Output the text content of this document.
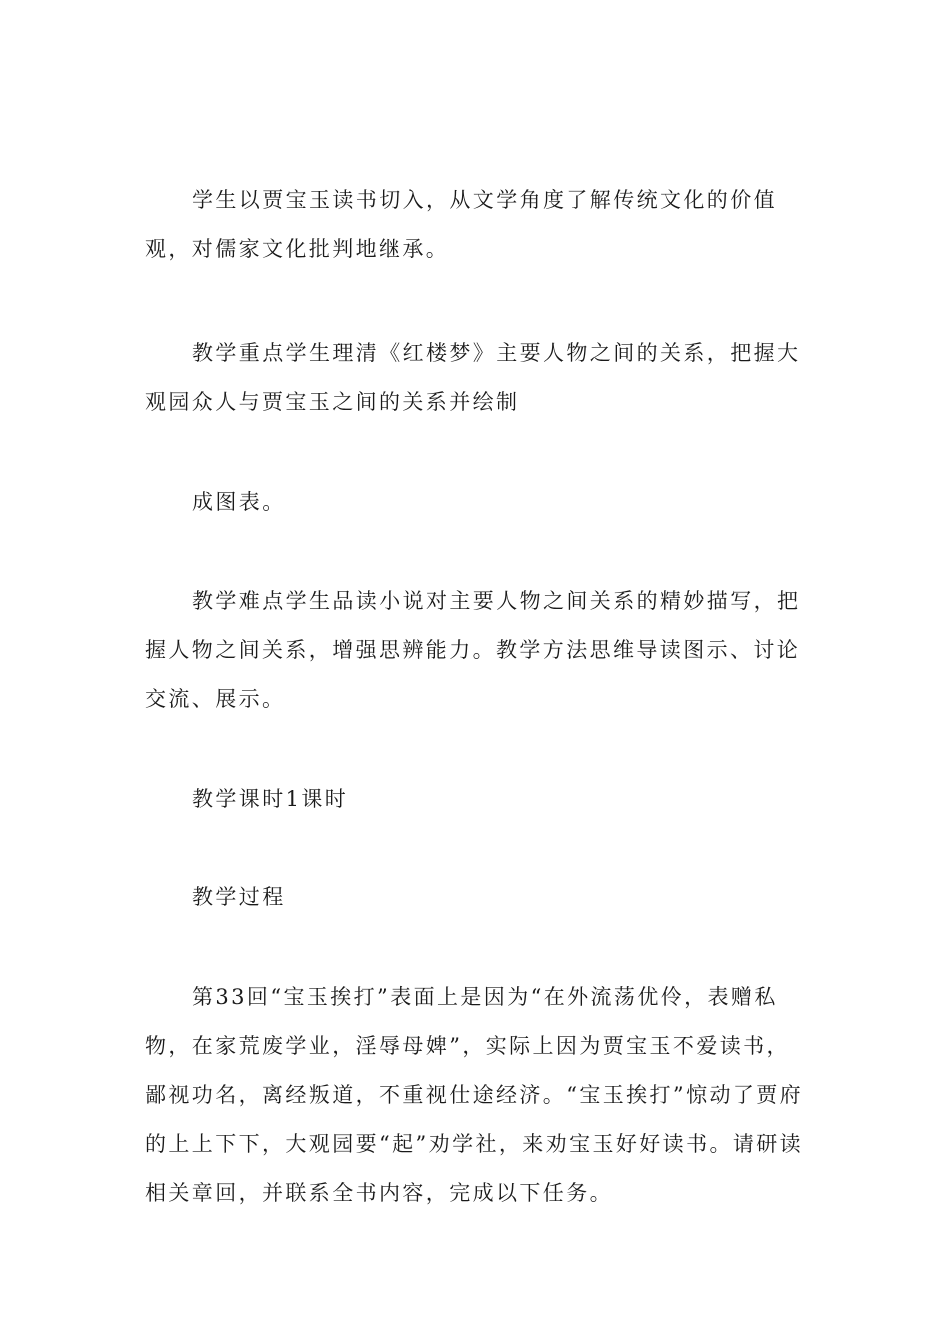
学生以贾宝玉读书切入，从文学角度了解传统文化的价值观，对儒家文化批判地继承。

教学重点学生理清《红楼梦》主要人物之间的关系，把握大观园众人与贾宝玉之间的关系并绘制

成图表。

教学难点学生品读小说对主要人物之间关系的精妙描写，把握人物之间关系，增强思辨能力。教学方法思维导读图示、讨论交流、展示。

教学课时1课时

教学过程

第33回“宝玉挨打”表面上是因为“在外流荡优伶，表赠私物，在家荒废学业，淫辱母婢”，实际上因为贾宝玉不爱读书，鄙视功名，离经叛道，不重视仕途经济。“宝玉挨打”惊动了贾府的上上下下，大观园要“起”劝学社，来劝宝玉好好读书。请研读相关章回，并联系全书内容，完成以下任务。
